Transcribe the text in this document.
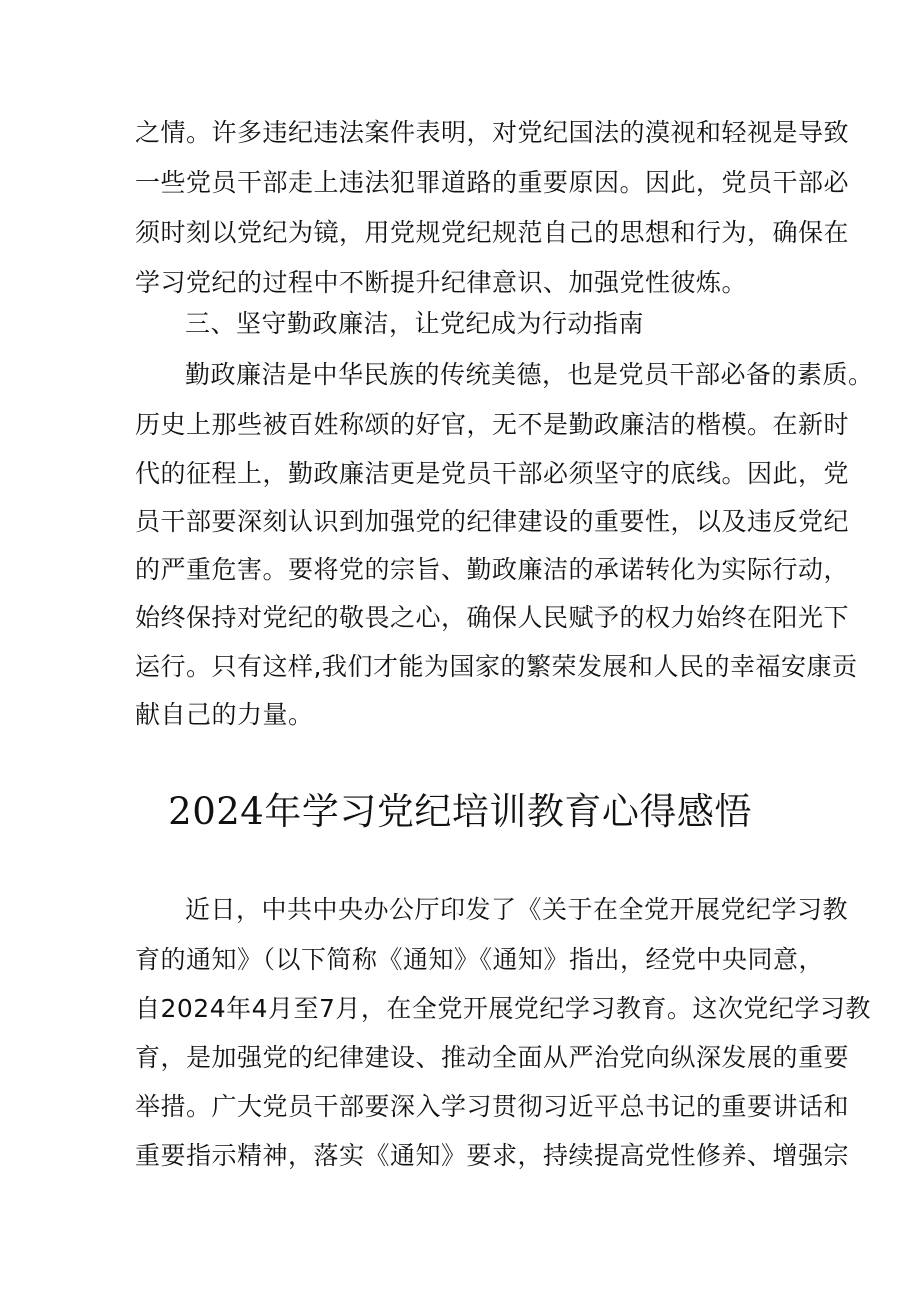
之情。许多违纪违法案件表明，对党纪国法的漠视和轻视是导致
一些党员干部走上违法犯罪道路的重要原因。因此，党员干部必
须时刻以党纪为镜，用党规党纪规范自己的思想和行为，确保在
学习党纪的过程中不断提升纪律意识、加强党性彼炼。
三、坚守勤政廉洁，让党纪成为行动指南
勤政廉洁是中华民族的传统美德，也是党员干部必备的素质。
历史上那些被百姓称颂的好官，无不是勤政廉洁的楷模。在新时
代的征程上，勤政廉洁更是党员干部必须坚守的底线。因此，党
员干部要深刻认识到加强党的纪律建设的重要性，以及违反党纪
的严重危害。要将党的宗旨、勤政廉洁的承诺转化为实际行动，
始终保持对党纪的敬畏之心，确保人民赋予的权力始终在阳光下
运行。只有这样,我们才能为国家的繁荣发展和人民的幸福安康贡
献自己的力量。
2024年学习党纪培训教育心得感悟
近日，中共中央办公厅印发了《关于在全党开展党纪学习教
育的通知》（以下简称《通知》《通知》指出，经党中央同意，
自2024年4月至7月，在全党开展党纪学习教育。这次党纪学习教
育，是加强党的纪律建设、推动全面从严治党向纵深发展的重要
举措。广大党员干部要深入学习贯彻习近平总书记的重要讲话和
重要指示精神，落实《通知》要求，持续提高党性修养、增强宗
